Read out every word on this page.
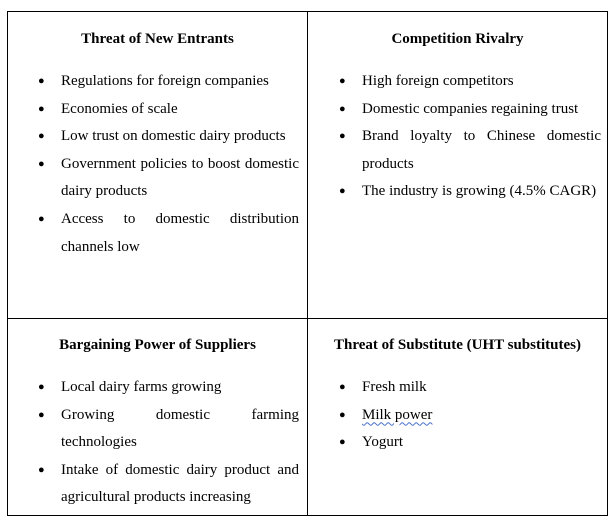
Threat of New Entrants
● Regulations for foreign companies
● Economies of scale
● Low trust on domestic dairy products
● Government policies to boost domestic dairy products
● Access to domestic distribution channels low
Competition Rivalry
● High foreign competitors
● Domestic companies regaining trust
● Brand loyalty to Chinese domestic products
● The industry is growing (4.5% CAGR)
Bargaining Power of Suppliers
● Local dairy farms growing
● Growing domestic farming technologies
● Intake of domestic dairy product and agricultural products increasing
Threat of Substitute (UHT substitutes)
● Fresh milk
● Milk power
● Yogurt
